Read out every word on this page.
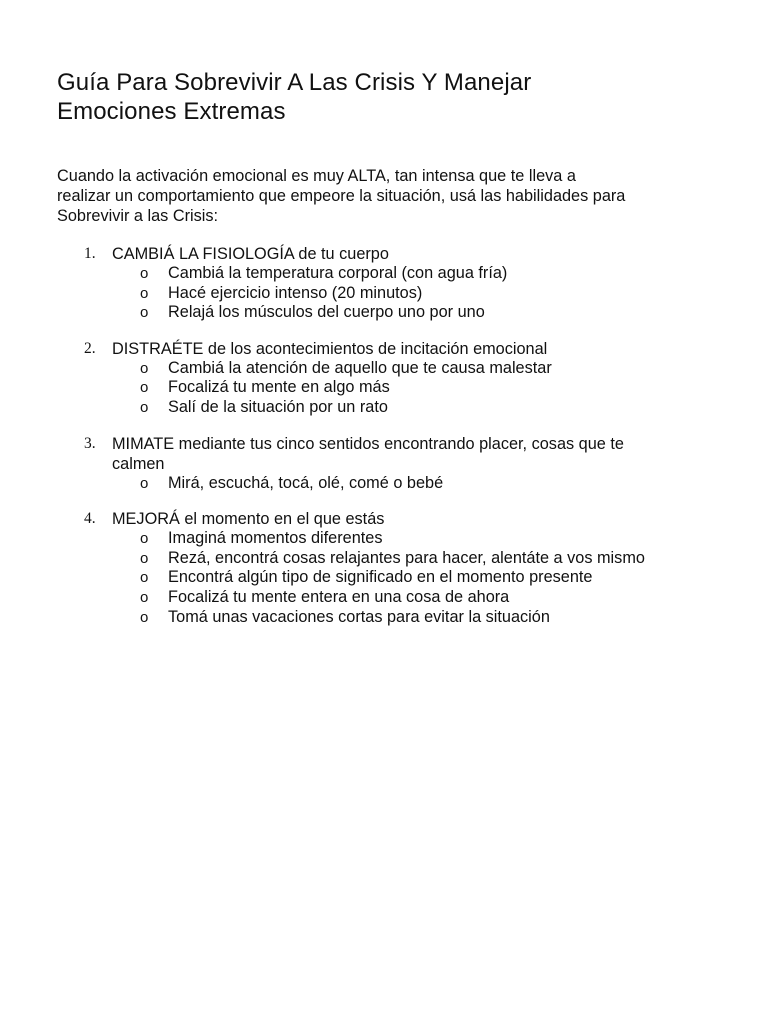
Guía Para Sobrevivir A Las Crisis Y Manejar
Emociones Extremas

Cuando la activación emocional es muy ALTA, tan intensa que te lleva a
realizar un comportamiento que empeore la situación, usá las habilidades para
Sobrevivir a las Crisis:

1. CAMBIÁ LA FISIOLOGÍA de tu cuerpo
o Cambiá la temperatura corporal (con agua fría)
o Hacé ejercicio intenso (20 minutos)
o Relajá los músculos del cuerpo uno por uno
2. DISTRAÉTE de los acontecimientos de incitación emocional
o Cambiá la atención de aquello que te causa malestar
o Focalizá tu mente en algo más
o Salí de la situación por un rato
3. MIMATE mediante tus cinco sentidos encontrando placer, cosas que te
calmen
o Mirá, escuchá, tocá, olé, comé o bebé
4. MEJORÁ el momento en el que estás
o Imaginá momentos diferentes
o Rezá, encontrá cosas relajantes para hacer, alentáte a vos mismo
o Encontrá algún tipo de significado en el momento presente
o Focalizá tu mente entera en una cosa de ahora
o Tomá unas vacaciones cortas para evitar la situación
